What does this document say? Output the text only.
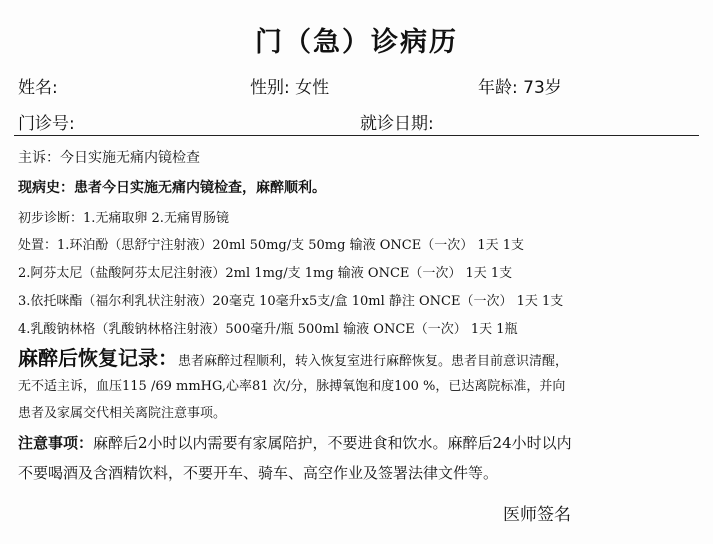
门（急）诊病历
姓名:	性别: 女性	年龄: 73岁
门诊号:	就诊日期:
主诉：今日实施无痛内镜检查
现病史：患者今日实施无痛内镜检查，麻醉顺利。
初步诊断：1.无痛取卵 2.无痛胃肠镜
处置：1.环泊酚（思舒宁注射液）20ml 50mg/支 50mg 输液 ONCE（一次） 1天 1支
2.阿芬太尼（盐酸阿芬太尼注射液）2ml 1mg/支 1mg 输液 ONCE（一次） 1天 1支
3.依托咪酯（福尔利乳状注射液）20毫克 10毫升x5支/盒 10ml 静注 ONCE（一次） 1天 1支
4.乳酸钠林格（乳酸钠林格注射液）500毫升/瓶 500ml 输液 ONCE（一次） 1天 1瓶
麻醉后恢复记录：患者麻醉过程顺利，转入恢复室进行麻醉恢复。患者目前意识清醒，
无不适主诉，血压115 /69 mmHG,心率81 次/分，脉搏氧饱和度100 %，已达离院标准，并向
患者及家属交代相关离院注意事项。
注意事项：麻醉后2小时以内需要有家属陪护，不要进食和饮水。麻醉后24小时以内
不要喝酒及含酒精饮料，不要开车、骑车、高空作业及签署法律文件等。
医师签名
